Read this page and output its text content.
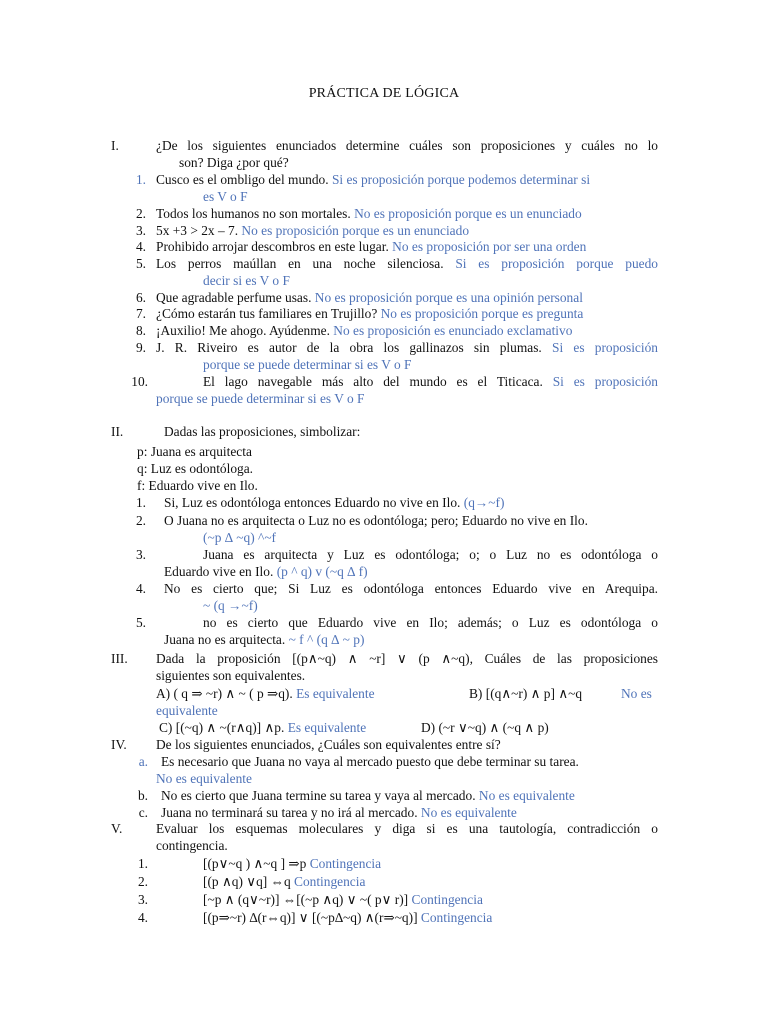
PRÁCTICA DE LÓGICA
I.	¿De los siguientes enunciados determine cuáles son proposiciones y cuáles no lo
son? Diga ¿por qué?
1. Cusco es el ombligo del mundo. Si es proposición porque podemos determinar si
es V o F
2. Todos los humanos no son mortales. No es proposición porque es un enunciado
3. 5x +3 > 2x – 7. No es proposición porque es un enunciado
4. Prohibido arrojar descombros en este lugar. No es proposición por ser una orden
5. Los perros maúllan en una noche silenciosa. Si es proposición porque puedo
decir si es V o F
6. Que agradable perfume usas. No es proposición porque es una opinión personal
7. ¿Cómo estarán tus familiares en Trujillo? No es proposición porque es pregunta
8. ¡Auxilio! Me ahogo. Ayúdenme. No es proposición es enunciado exclamativo
9. J. R. Riveiro es autor de la obra los gallinazos sin plumas. Si es proposición
porque se puede determinar si es V o F
10.	El lago navegable más alto del mundo es el Titicaca. Si es proposición
porque se puede determinar si es V o F
II.	Dadas las proposiciones, simbolizar:
p: Juana es arquitecta
q: Luz es odontóloga.
f: Eduardo vive en Ilo.
1. Si, Luz es odontóloga entonces Eduardo no vive en Ilo. (q→~f)
2. O Juana no es arquitecta o Luz no es odontóloga; pero; Eduardo no vive en Ilo.
(~p ∆ ~q) ^~f
3.	Juana es arquitecta y Luz es odontóloga; o; o Luz no es odontóloga o
Eduardo vive en Ilo. (p ^ q) v (~q ∆ f)
4. No es cierto que; Si Luz es odontóloga entonces Eduardo vive en Arequipa.
~ (q →~f)
5.	no es cierto que Eduardo vive en Ilo; además; o Luz es odontóloga o
Juana no es arquitecta. ~ f ^ (q ∆ ~ p)
III. Dada la proposición [(p∧~q) ∧ ~r] ∨ (p ∧~q), Cuáles de las proposiciones
siguientes son equivalentes.
A) ( q ⇒ ~r) ∧ ~ ( p ⇒q). Es equivalente	B) [(q∧~r) ∧ p] ∧~q	No es
equivalente
C) [(~q) ∧ ~(r∧q)] ∧p. Es equivalente	D) (~r ∨~q) ∧ (~q ∧ p)
IV. De los siguientes enunciados, ¿Cuáles son equivalentes entre sí?
a. Es necesario que Juana no vaya al mercado puesto que debe terminar su tarea.
No es equivalente
b. No es cierto que Juana termine su tarea y vaya al mercado. No es equivalente
c. Juana no terminará su tarea y no irá al mercado. No es equivalente
V.	Evaluar los esquemas moleculares y diga si es una tautología, contradicción o
contingencia.
1.	[(p∨~q ) ∧~q ] ⇒p Contingencia
2.	[(p ∧q) ∨q] ⇔q Contingencia
3.	[~p ∧ (q∨~r)] ⇔[(~p ∧q) ∨ ~( p∨ r)] Contingencia
4.	[(p⇒~r) ∆(r⇔q)] ∨ [(~p∆~q) ∧(r⇒~q)] Contingencia
